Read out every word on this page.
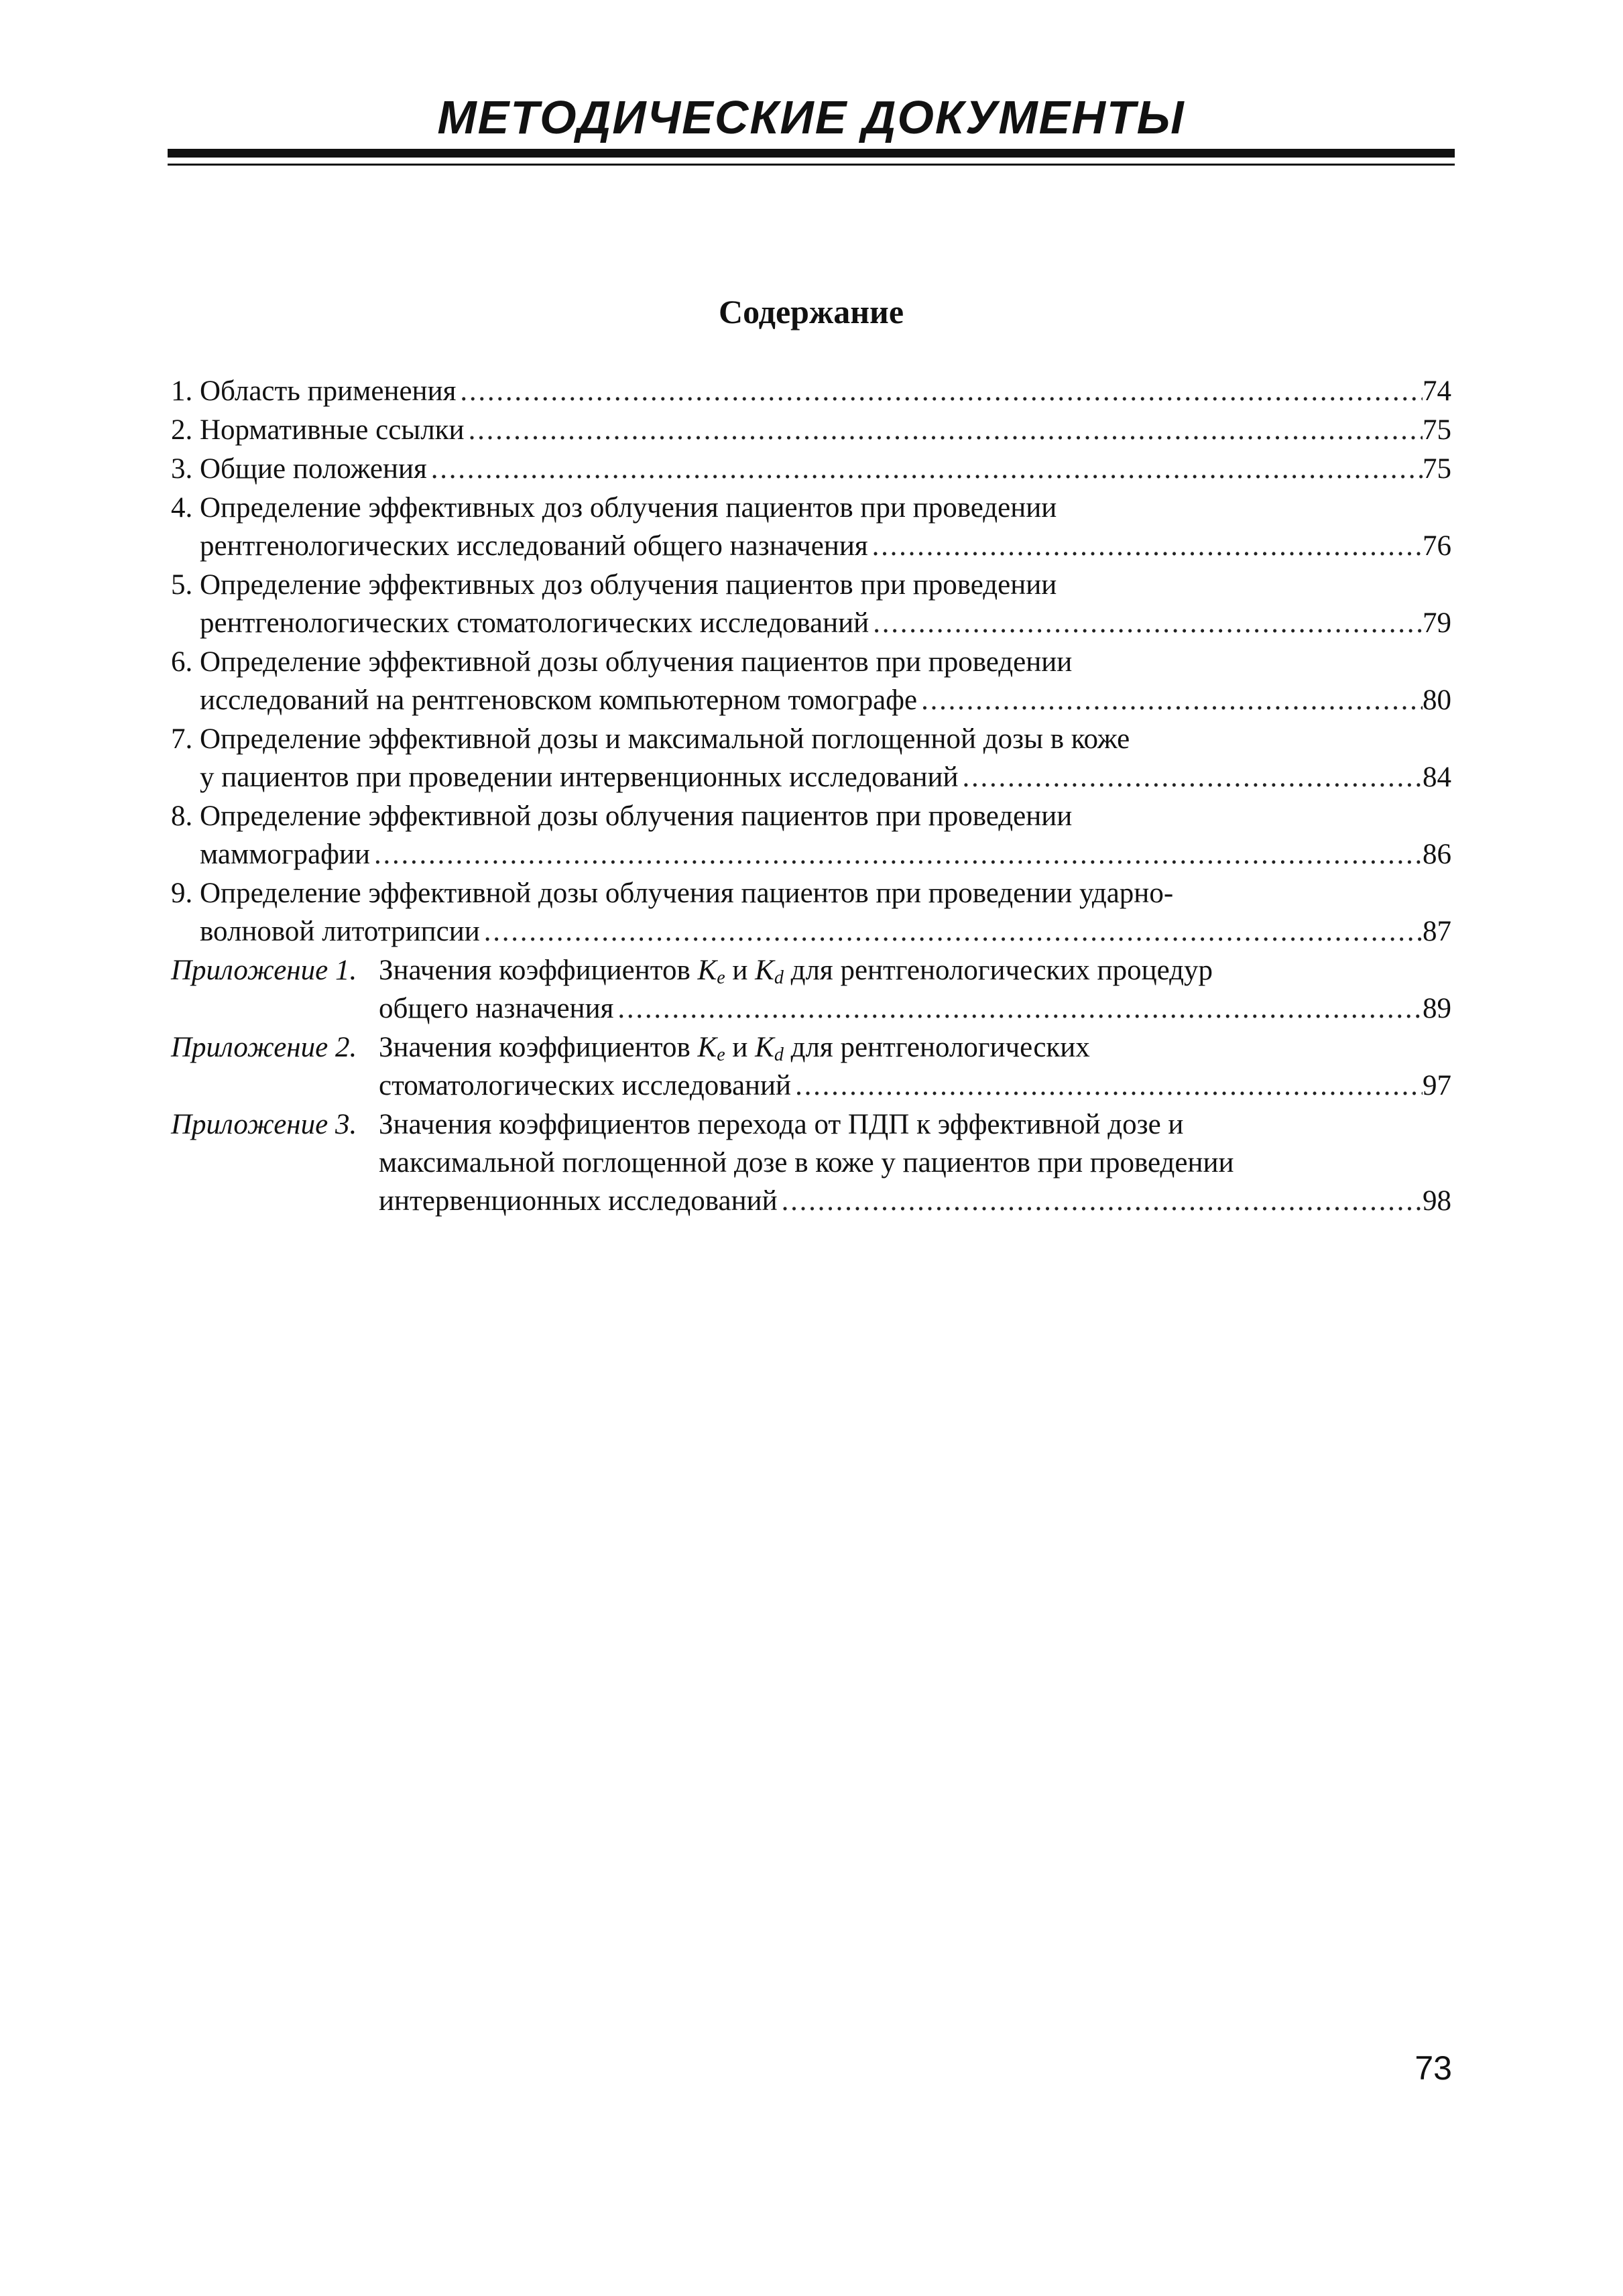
МЕТОДИЧЕСКИЕ ДОКУМЕНТЫ
Содержание
1. Область применения . . .	74
2. Нормативные ссылки . . .	75
3. Общие положения . . .	75
4. Определение эффективных доз облучения пациентов при проведении
рентгенологических исследований общего назначения . . .	76
5. Определение эффективных доз облучения пациентов при проведении
рентгенологических стоматологических исследований . . .	79
6. Определение эффективной дозы облучения пациентов при проведении
исследований на рентгеновском компьютерном томографе . . .	80
7. Определение эффективной дозы и максимальной поглощенной дозы в коже
у пациентов при проведении интервенционных исследований . . .	84
8. Определение эффективной дозы облучения пациентов при проведении
маммографии . . .	86
9. Определение эффективной дозы облучения пациентов при проведении ударно-
волновой литотрипсии . . .	87
Приложение 1. Значения коэффициентов $K_e$ и $K_d$ для рентгенологических процедур
общего назначения . . .	89
Приложение 2. Значения коэффициентов $K_e$ и $K_d$ для рентгенологических
стоматологических исследований . . .	97
Приложение 3. Значения коэффициентов перехода от ПДП к эффективной дозе и
максимальной поглощенной дозе в коже у пациентов при проведении
интервенционных исследований . . .	98
73
